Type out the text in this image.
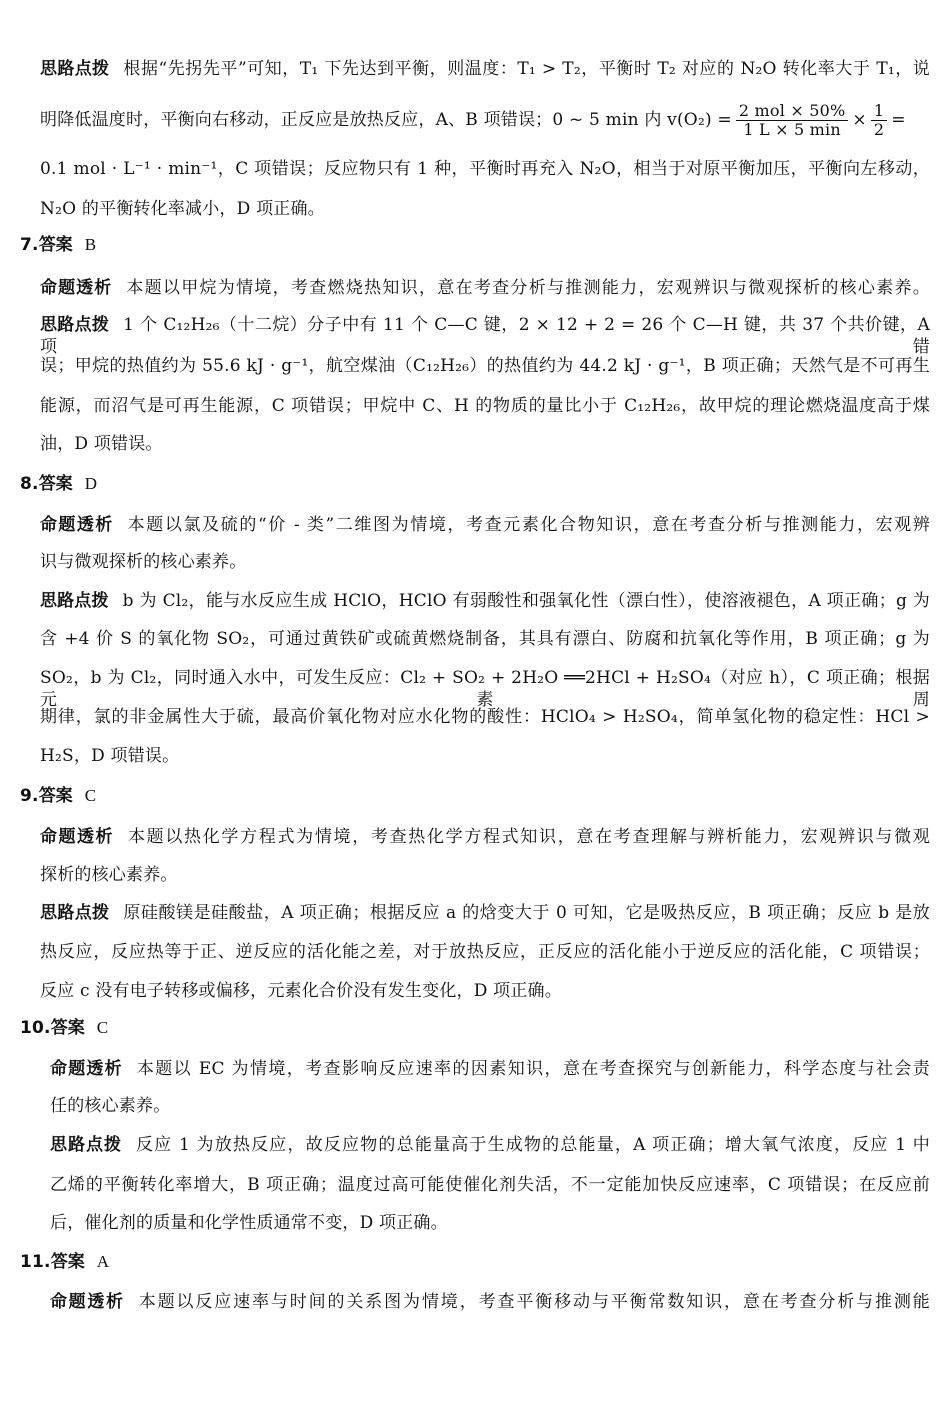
思路点拨 根据“先拐先平”可知，T₁ 下先达到平衡，则温度：T₁ > T₂，平衡时 T₂ 对应的 N₂O 转化率大于 T₁，说
明降低温度时，平衡向右移动，正反应是放热反应，A、B 项错误；0 ~ 5 min 内 $v(O_2) = \frac{\text{2 mol × 50\%}}{1 L \times 5 \min} \times \frac{1}{2}$ =
0.1 mol · L⁻¹ · min⁻¹，C 项错误；反应物只有 1 种，平衡时再充入 N₂O，相当于对原平衡加压，平衡向左移动，
N₂O 的平衡转化率减小，D 项正确。
7.答案 B
命题透析 本题以甲烷为情境，考查燃烧热知识，意在考查分析与推测能力，宏观辨识与微观探析的核心素养。
思路点拨 1 个 C₁₂H₂₆（十二烷）分子中有 11 个 C—C 键，2 × 12 + 2 = 26 个 C—H 键，共 37 个共价键，A 项错
误；甲烷的热值约为 55.6 kJ · g⁻¹，航空煤油（C₁₂H₂₆）的热值约为 44.2 kJ · g⁻¹，B 项正确；天然气是不可再生
能源，而沼气是可再生能源，C 项错误；甲烷中 C、H 的物质的量比小于 C₁₂H₂₆，故甲烷的理论燃烧温度高于煤
油，D 项错误。
8.答案 D
命题透析 本题以氯及硫的“价 - 类”二维图为情境，考查元素化合物知识，意在考查分析与推测能力，宏观辨
识与微观探析的核心素养。
思路点拨 b 为 Cl₂，能与水反应生成 HClO，HClO 有弱酸性和强氧化性（漂白性），使溶液褪色，A 项正确；g 为
含 +4 价 S 的氧化物 SO₂，可通过黄铁矿或硫黄燃烧制备，其具有漂白、防腐和抗氧化等作用，B 项正确；g 为
SO₂，b 为 Cl₂，同时通入水中，可发生反应：Cl₂ + SO₂ + 2H₂O ══2HCl + H₂SO₄（对应 h），C 项正确；根据元素周
期律，氯的非金属性大于硫，最高价氧化物对应水化物的酸性：HClO₄ > H₂SO₄，简单氢化物的稳定性：HCl >
H₂S，D 项错误。
9.答案 C
命题透析 本题以热化学方程式为情境，考查热化学方程式知识，意在考查理解与辨析能力，宏观辨识与微观
探析的核心素养。
思路点拨 原硅酸镁是硅酸盐，A 项正确；根据反应 a 的焓变大于 0 可知，它是吸热反应，B 项正确；反应 b 是放
热反应，反应热等于正、逆反应的活化能之差，对于放热反应，正反应的活化能小于逆反应的活化能，C 项错误；
反应 c 没有电子转移或偏移，元素化合价没有发生变化，D 项正确。
10.答案 C
命题透析 本题以 EC 为情境，考查影响反应速率的因素知识，意在考查探究与创新能力，科学态度与社会责
任的核心素养。
思路点拨 反应 1 为放热反应，故反应物的总能量高于生成物的总能量，A 项正确；增大氧气浓度，反应 1 中
乙烯的平衡转化率增大，B 项正确；温度过高可能使催化剂失活，不一定能加快反应速率，C 项错误；在反应前
后，催化剂的质量和化学性质通常不变，D 项正确。
11.答案 A
命题透析 本题以反应速率与时间的关系图为情境，考查平衡移动与平衡常数知识，意在考查分析与推测能
